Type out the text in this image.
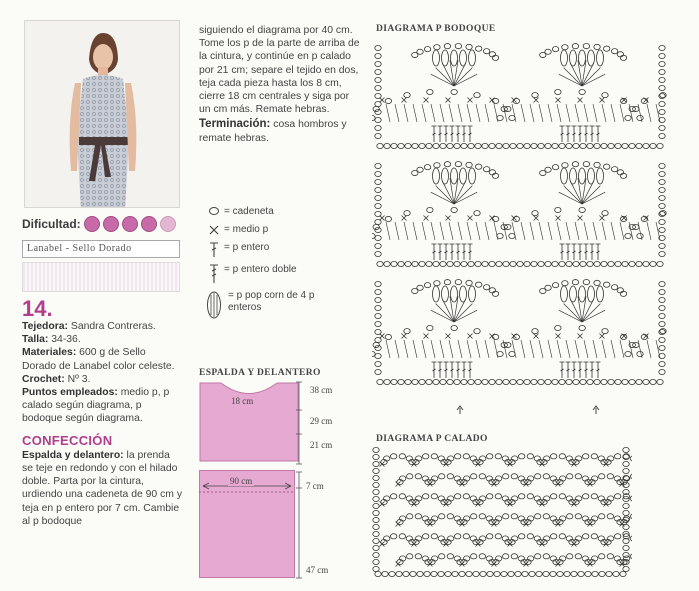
Dificultad:
Lanabel - Sello Dorado
14.
Tejedora: Sandra Contreras.
Talla: 34-36.
Materiales: 600 g de Sello Dorado de Lanabel color celeste.
Crochet: Nº 3.
Puntos empleados: medio p, p calado según diagrama, p bodoque según diagrama.
CONFECCIÓN
Espalda y delantero: la prenda se teje en redondo y con el hilado doble. Parta por la cintura, urdiendo una cadeneta de 90 cm y teja en p entero por 7 cm. Cambie al p bodoque
siguiendo el diagrama por 40 cm. Tome los p de la parte de arriba de la cintura, y continúe en p calado por 21 cm; separe el tejido en dos, teja cada pieza hasta los 8 cm, cierre 18 cm centrales y siga por un cm más. Remate hebras.
Terminación: cosa hombros y remate hebras.
= cadeneta
= medio p
= p entero
= p entero doble
= p pop corn de 4 p enteros
ESPALDA Y DELANTERO
18 cm
38 cm
29 cm
21 cm
90 cm	7 cm
47 cm
DIAGRAMA P BODOQUE
DIAGRAMA P CALADO
